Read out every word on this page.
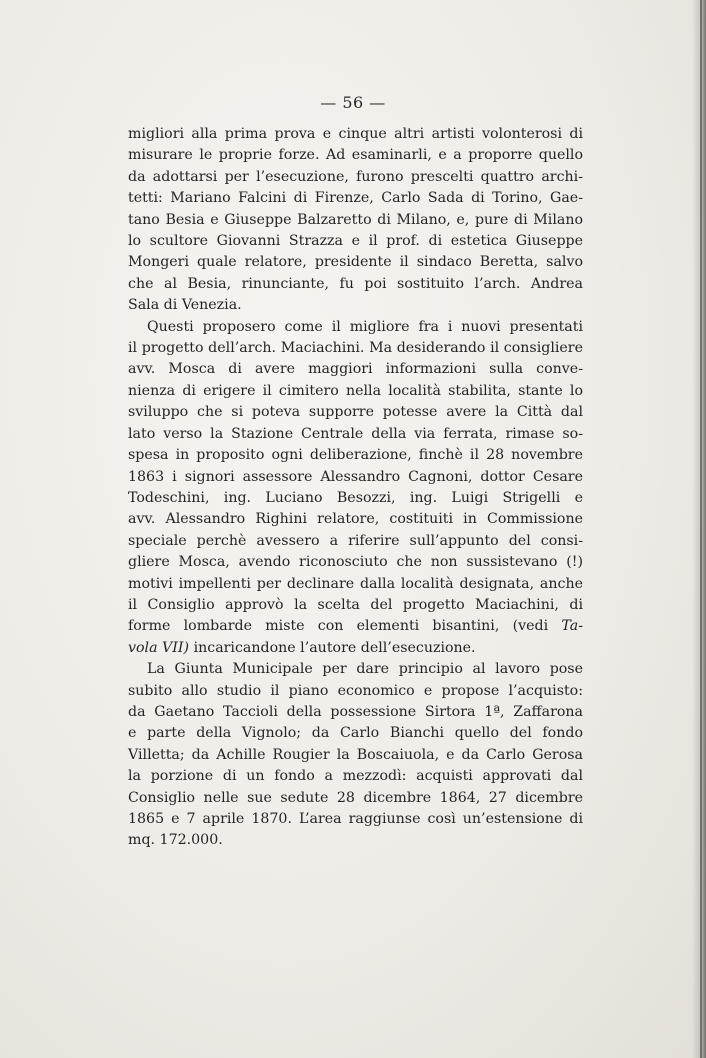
— 56 —

migliori alla prima prova e cinque altri artisti volonterosi di
misurare le proprie forze. Ad esaminarli, e a proporre quello
da adottarsi per l’esecuzione, furono prescelti quattro archi-
tetti: Mariano Falcini di Firenze, Carlo Sada di Torino, Gae-
tano Besia e Giuseppe Balzaretto di Milano, e, pure di Milano
lo scultore Giovanni Strazza e il prof. di estetica Giuseppe
Mongeri quale relatore, presidente il sindaco Beretta, salvo
che al Besia, rinunciante, fu poi sostituito l’arch. Andrea
Sala di Venezia.

Questi proposero come il migliore fra i nuovi presentati
il progetto dell’arch. Maciachini. Ma desiderando il consigliere
avv. Mosca di avere maggiori informazioni sulla conve-
nienza di erigere il cimitero nella località stabilita, stante lo
sviluppo che si poteva supporre potesse avere la Città dal
lato verso la Stazione Centrale della via ferrata, rimase so-
spesa in proposito ogni deliberazione, finchè il 28 novembre
1863 i signori assessore Alessandro Cagnoni, dottor Cesare
Todeschini, ing. Luciano Besozzi, ing. Luigi Strigelli e
avv. Alessandro Righini relatore, costituiti in Commissione
speciale perchè avessero a riferire sull’appunto del consi-
gliere Mosca, avendo riconosciuto che non sussistevano (!)
motivi impellenti per declinare dalla località designata, anche
il Consiglio approvò la scelta del progetto Maciachini, di
forme lombarde miste con elementi bisantini, (vedi Ta-
vola VII) incaricandone l’autore dell’esecuzione.

La Giunta Municipale per dare principio al lavoro pose
subito allo studio il piano economico e propose l’acquisto:
da Gaetano Taccioli della possessione Sirtora 1ª, Zaffarona
e parte della Vignolo; da Carlo Bianchi quello del fondo
Villetta; da Achille Rougier la Boscaiuola, e da Carlo Gerosa
la porzione di un fondo a mezzodì: acquisti approvati dal
Consiglio nelle sue sedute 28 dicembre 1864, 27 dicembre
1865 e 7 aprile 1870. L’area raggiunse così un’estensione di
mq. 172.000.
